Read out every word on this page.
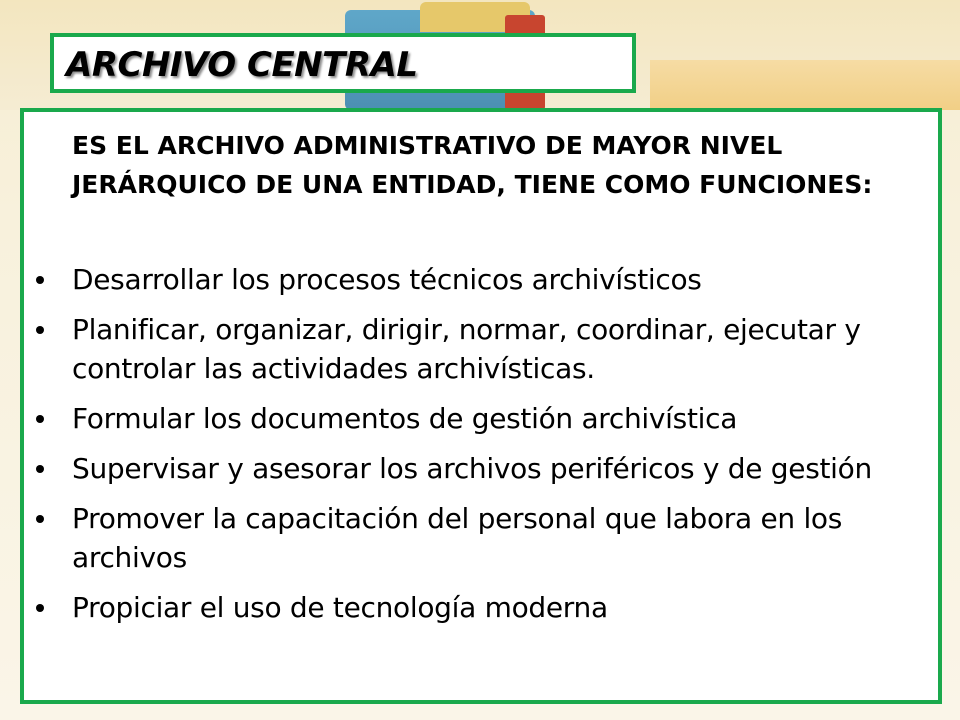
ARCHIVO CENTRAL
ES EL ARCHIVO ADMINISTRATIVO DE MAYOR NIVEL JERÁRQUICO DE UNA ENTIDAD, TIENE COMO FUNCIONES:
Desarrollar los procesos técnicos archivísticos
Planificar, organizar, dirigir, normar, coordinar, ejecutar y controlar las actividades archivísticas.
Formular los documentos de gestión archivística
Supervisar y asesorar los archivos periféricos y de gestión
Promover la capacitación del personal que labora en los archivos
Propiciar el uso de tecnología moderna
